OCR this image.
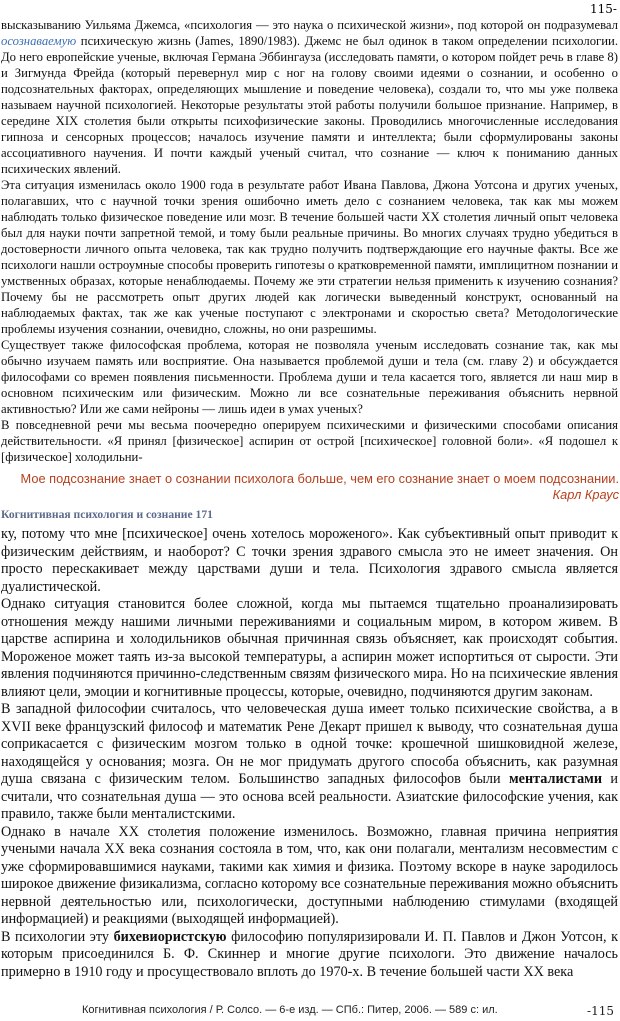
115-

высказыванию Уильяма Джемса, «психология — это наука о психической жизни», под которой он подразумевал осознаваемую психическую жизнь (James, 1890/1983). Джемс не был одинок в таком определении психологии. До него европейские ученые, включая Германа Эббингауза (исследовать памяти, о котором пойдет речь в главе 8) и Зигмунда Фрейда (который перевернул мир с ног на голову своими идеями о сознании, и особенно о подсознательных факторах, определяющих мышление и поведение человека), создали то, что мы уже полвека называем научной психологией. Некоторые результаты этой работы получили большое признание. Например, в середине XIX столетия были открыты психофизические законы. Проводились многочисленные исследования гипноза и сенсорных процессов; началось изучение памяти и интеллекта; были сформулированы законы ассоциативного научения. И почти каждый ученый считал, что сознание — ключ к пониманию данных психических явлений.

Эта ситуация изменилась около 1900 года в результате работ Ивана Павлова, Джона Уотсона и других ученых, полагавших, что с научной точки зрения ошибочно иметь дело с сознанием человека, так как мы можем наблюдать только физическое поведение или мозг. В течение большей части XX столетия личный опыт человека был для науки почти запретной темой, и тому были реальные причины. Во многих случаях трудно убедиться в достоверности личного опыта человека, так как трудно получить подтверждающие его научные факты. Все же психологи нашли остроумные способы проверить гипотезы о кратковременной памяти, имплицитном познании и умственных образах, которые ненаблюдаемы. Почему же эти стратегии нельзя применить к изучению сознания? Почему бы не рассмотреть опыт других людей как логически выведенный конструкт, основанный на наблюдаемых фактах, так же как ученые поступают с электронами и скоростью света? Методологические проблемы изучения сознании, очевидно, сложны, но они разрешимы.

Существует также философская проблема, которая не позволяла ученым исследовать сознание так, как мы обычно изучаем память или восприятие. Она называется проблемой души и тела (см. главу 2) и обсуждается философами со времен появления письменности. Проблема души и тела касается того, является ли наш мир в основном психическим или физическим. Можно ли все сознательные переживания объяснить нервной активностью? Или же сами нейроны — лишь идеи в умах ученых?

В повседневной речи мы весьма поочередно оперируем психическими и физическими способами описания действительности. «Я принял [физическое] аспирин от острой [психическое] головной боли». «Я подошел к [физическое] холодильни-

Мое подсознание знает о сознании психолога больше, чем его сознание знает о моем подсознании.
Карл Краус
Когнитивная психология и сознание 171

ку, потому что мне [психическое] очень хотелось мороженого». Как субъективный опыт приводит к физическим действиям, и наоборот? С точки зрения здравого смысла это не имеет значения. Он просто перескакивает между царствами души и тела. Психология здравого смысла является дуалистической.

Однако ситуация становится более сложной, когда мы пытаемся тщательно проанализировать отношения между нашими личными переживаниями и социальным миром, в котором живем. В царстве аспирина и холодильников обычная причинная связь объясняет, как происходят события. Мороженое может таять из-за высокой температуры, а аспирин может испортиться от сырости. Эти явления подчиняются причинно-следственным связям физического мира. Но на психические явления влияют цели, эмоции и когнитивные процессы, которые, очевидно, подчиняются другим законам.

В западной философии считалось, что человеческая душа имеет только психические свойства, а в XVII веке французский философ и математик Рене Декарт пришел к выводу, что сознательная душа соприкасается с физическим мозгом только в одной точке: крошечной шишковидной железе, находящейся у основания; мозга. Он не мог придумать другого способа объяснить, как разумная душа связана с физическим телом. Большинство западных философов были менталистами и считали, что сознательная душа — это основа всей реальности. Азиатские философские учения, как правило, также были менталистскими.

Однако в начале XX столетия положение изменилось. Возможно, главная причина неприятия учеными начала XX века сознания состояла в том, что, как они полагали, ментализм несовместим с уже сформировавшимися науками, такими как химия и физика. Поэтому вскоре в науке зародилось широкое движение физикализма, согласно которому все сознательные переживания можно объяснить нервной деятельностью или, психологически, доступными наблюдению стимулами (входящей информацией) и реакциями (выходящей информацией).

В психологии эту бихевиористскую философию популяризировали И. П. Павлов и Джон Уотсон, к которым присоединился Б. Ф. Скиннер и многие другие психологи. Это движение началось примерно в 1910 году и просуществовало вплоть до 1970-х. В течение большей части XX века

Когнитивная психология / Р. Солсо. — 6-е изд. — СПб.: Питер, 2006. — 589 с: ил.	-115
